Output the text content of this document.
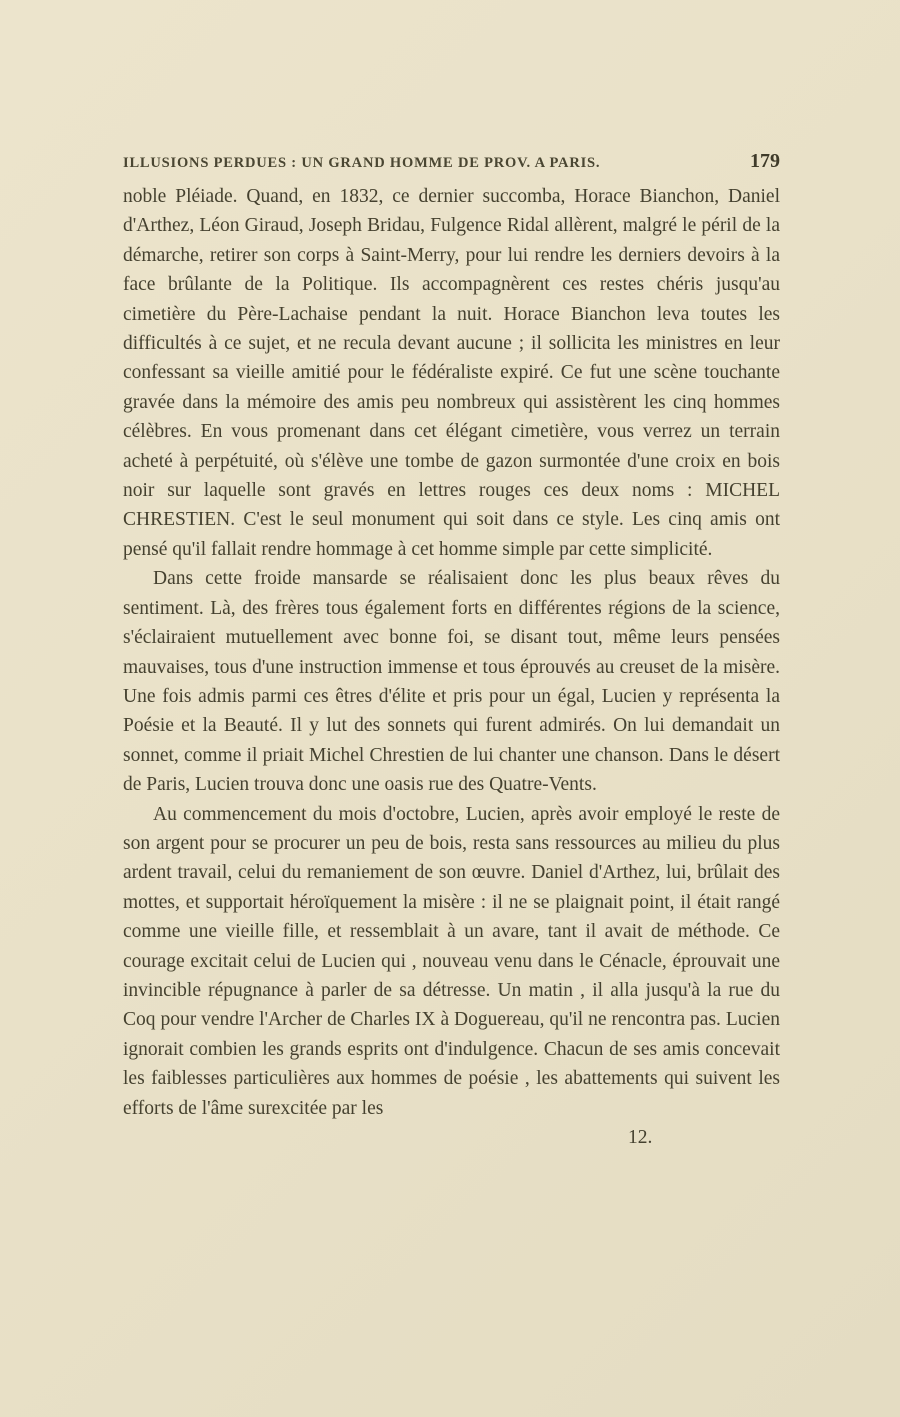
ILLUSIONS PERDUES : UN GRAND HOMME DE PROV. A PARIS.	179

noble Pléiade. Quand, en 1832, ce dernier succomba, Horace Bianchon, Daniel d'Arthez, Léon Giraud, Joseph Bridau, Fulgence Ridal allèrent, malgré le péril de la démarche, retirer son corps à Saint-Merry, pour lui rendre les derniers devoirs à la face brûlante de la Politique. Ils accompagnèrent ces restes chéris jusqu'au cimetière du Père-Lachaise pendant la nuit. Horace Bianchon leva toutes les difficultés à ce sujet, et ne recula devant aucune ; il sollicita les ministres en leur confessant sa vieille amitié pour le fédéraliste expiré. Ce fut une scène touchante gravée dans la mémoire des amis peu nombreux qui assistèrent les cinq hommes célèbres. En vous promenant dans cet élégant cimetière, vous verrez un terrain acheté à perpétuité, où s'élève une tombe de gazon surmontée d'une croix en bois noir sur laquelle sont gravés en lettres rouges ces deux noms : MICHEL CHRESTIEN. C'est le seul monument qui soit dans ce style. Les cinq amis ont pensé qu'il fallait rendre hommage à cet homme simple par cette simplicité.

Dans cette froide mansarde se réalisaient donc les plus beaux rêves du sentiment. Là, des frères tous également forts en différentes régions de la science, s'éclairaient mutuellement avec bonne foi, se disant tout, même leurs pensées mauvaises, tous d'une instruction immense et tous éprouvés au creuset de la misère. Une fois admis parmi ces êtres d'élite et pris pour un égal, Lucien y représenta la Poésie et la Beauté. Il y lut des sonnets qui furent admirés. On lui demandait un sonnet, comme il priait Michel Chrestien de lui chanter une chanson. Dans le désert de Paris, Lucien trouva donc une oasis rue des Quatre-Vents.

Au commencement du mois d'octobre, Lucien, après avoir employé le reste de son argent pour se procurer un peu de bois, resta sans ressources au milieu du plus ardent travail, celui du remaniement de son œuvre. Daniel d'Arthez, lui, brûlait des mottes, et supportait héroïquement la misère : il ne se plaignait point, il était rangé comme une vieille fille, et ressemblait à un avare, tant il avait de méthode. Ce courage excitait celui de Lucien qui , nouveau venu dans le Cénacle, éprouvait une invincible répugnance à parler de sa détresse. Un matin , il alla jusqu'à la rue du Coq pour vendre l'Archer de Charles IX à Doguereau, qu'il ne rencontra pas. Lucien ignorait combien les grands esprits ont d'indulgence. Chacun de ses amis concevait les faiblesses particulières aux hommes de poésie , les abattements qui suivent les efforts de l'âme surexcitée par les

12.
